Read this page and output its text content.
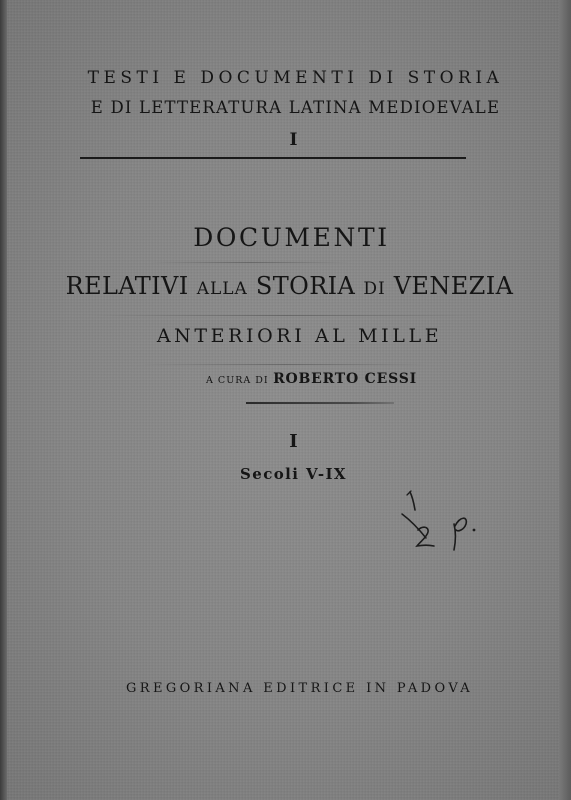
TESTI E DOCUMENTI DI STORIA
E DI LETTERATURA LATINA MEDIOEVALE
I
DOCUMENTI
RELATIVI ALLA STORIA DI VENEZIA
ANTERIORI AL MILLE
A CURA DI ROBERTO CESSI
I
Secoli V-IX
GREGORIANA EDITRICE IN PADOVA
